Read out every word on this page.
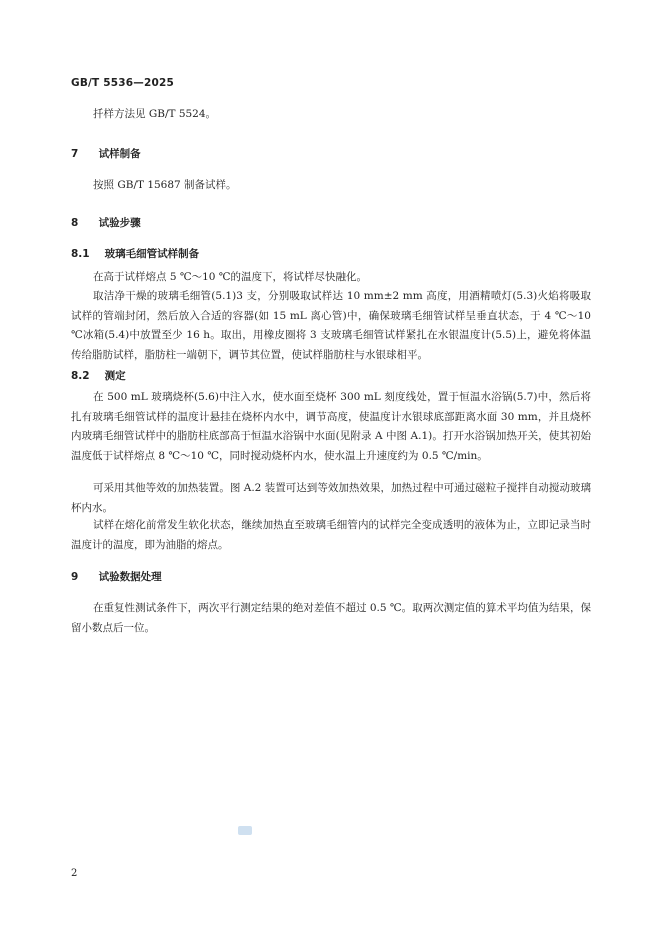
GB/T 5536—2025

扦样方法见 GB/T 5524。

7 试样制备

按照 GB/T 15687 制备试样。

8 试验步骤
8.1 玻璃毛细管试样制备

在高于试样熔点 5 ℃～10 ℃的温度下，将试样尽快融化。

取洁净干燥的玻璃毛细管(5.1)3 支，分别吸取试样达 10 mm±2 mm 高度，用酒精喷灯(5.3)火焰将吸取试样的管端封闭，然后放入合适的容器(如 15 mL 离心管)中，确保玻璃毛细管试样呈垂直状态，于 4 ℃～10 ℃冰箱(5.4)中放置至少 16 h。取出，用橡皮圈将 3 支玻璃毛细管试样紧扎在水银温度计(5.5)上，避免将体温传给脂肪试样，脂肪柱一端朝下，调节其位置，使试样脂肪柱与水银球相平。

8.2 测定

在 500 mL 玻璃烧杯(5.6)中注入水，使水面至烧杯 300 mL 刻度线处，置于恒温水浴锅(5.7)中，然后将扎有玻璃毛细管试样的温度计悬挂在烧杯内水中，调节高度，使温度计水银球底部距离水面 30 mm，并且烧杯内玻璃毛细管试样中的脂肪柱底部高于恒温水浴锅中水面(见附录 A 中图 A.1)。打开水浴锅加热开关，使其初始温度低于试样熔点 8 ℃～10 ℃，同时搅动烧杯内水，使水温上升速度约为 0.5 ℃/min。

可采用其他等效的加热装置。图 A.2 装置可达到等效加热效果，加热过程中可通过磁粒子搅拌自动搅动玻璃杯内水。

试样在熔化前常发生软化状态，继续加热直至玻璃毛细管内的试样完全变成透明的液体为止，立即记录当时温度计的温度，即为油脂的熔点。

9 试验数据处理

在重复性测试条件下，两次平行测定结果的绝对差值不超过 0.5 ℃。取两次测定值的算术平均值为结果，保留小数点后一位。

2
